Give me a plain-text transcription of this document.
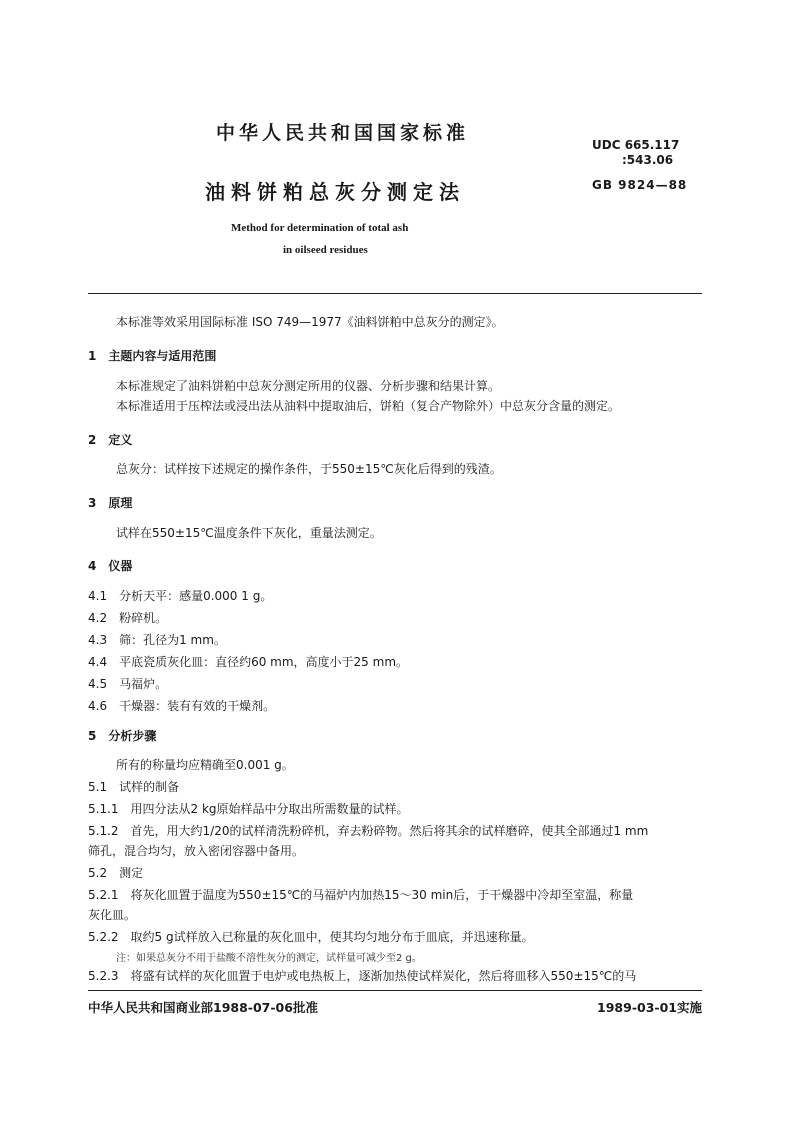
中华人民共和国国家标准
UDC 665.117
:543.06
油料饼粕总灰分测定法	GB 9824—88
Method for determination of total ash
in oilseed residues
本标准等效采用国际标准 ISO 749—1977《油料饼粕中总灰分的测定》。
1　主题内容与适用范围
本标准规定了油料饼粕中总灰分测定所用的仪器、分析步骤和结果计算。
本标准适用于压榨法或浸出法从油料中提取油后，饼粕（复合产物除外）中总灰分含量的测定。
2　定义
总灰分：试样按下述规定的操作条件，于550±15℃灰化后得到的残渣。
3　原理
试样在550±15℃温度条件下灰化，重量法测定。
4　仪器
4.1　分析天平：感量0.000 1 g。
4.2　粉碎机。
4.3　筛：孔径为1 mm。
4.4　平底瓷质灰化皿：直径约60 mm，高度小于25 mm。
4.5　马福炉。
4.6　干燥器：装有有效的干燥剂。
5　分析步骤
所有的称量均应精确至0.001 g。
5.1　试样的制备
5.1.1　用四分法从2 kg原始样品中分取出所需数量的试样。
5.1.2　首先，用大约1/20的试样清洗粉碎机，弃去粉碎物。然后将其余的试样磨碎，使其全部通过1 mm
筛孔，混合均匀，放入密闭容器中备用。
5.2　测定
5.2.1　将灰化皿置于温度为550±15℃的马福炉内加热15～30 min后，于干燥器中冷却至室温，称量
灰化皿。
5.2.2　取约5 g试样放入已称量的灰化皿中，使其均匀地分布于皿底，并迅速称量。
注：如果总灰分不用于盐酸不溶性灰分的测定，试样量可减少至2 g。
5.2.3　将盛有试样的灰化皿置于电炉或电热板上，逐渐加热使试样炭化，然后将皿移入550±15℃的马
中华人民共和国商业部1988-07-06批准	1989-03-01实施
